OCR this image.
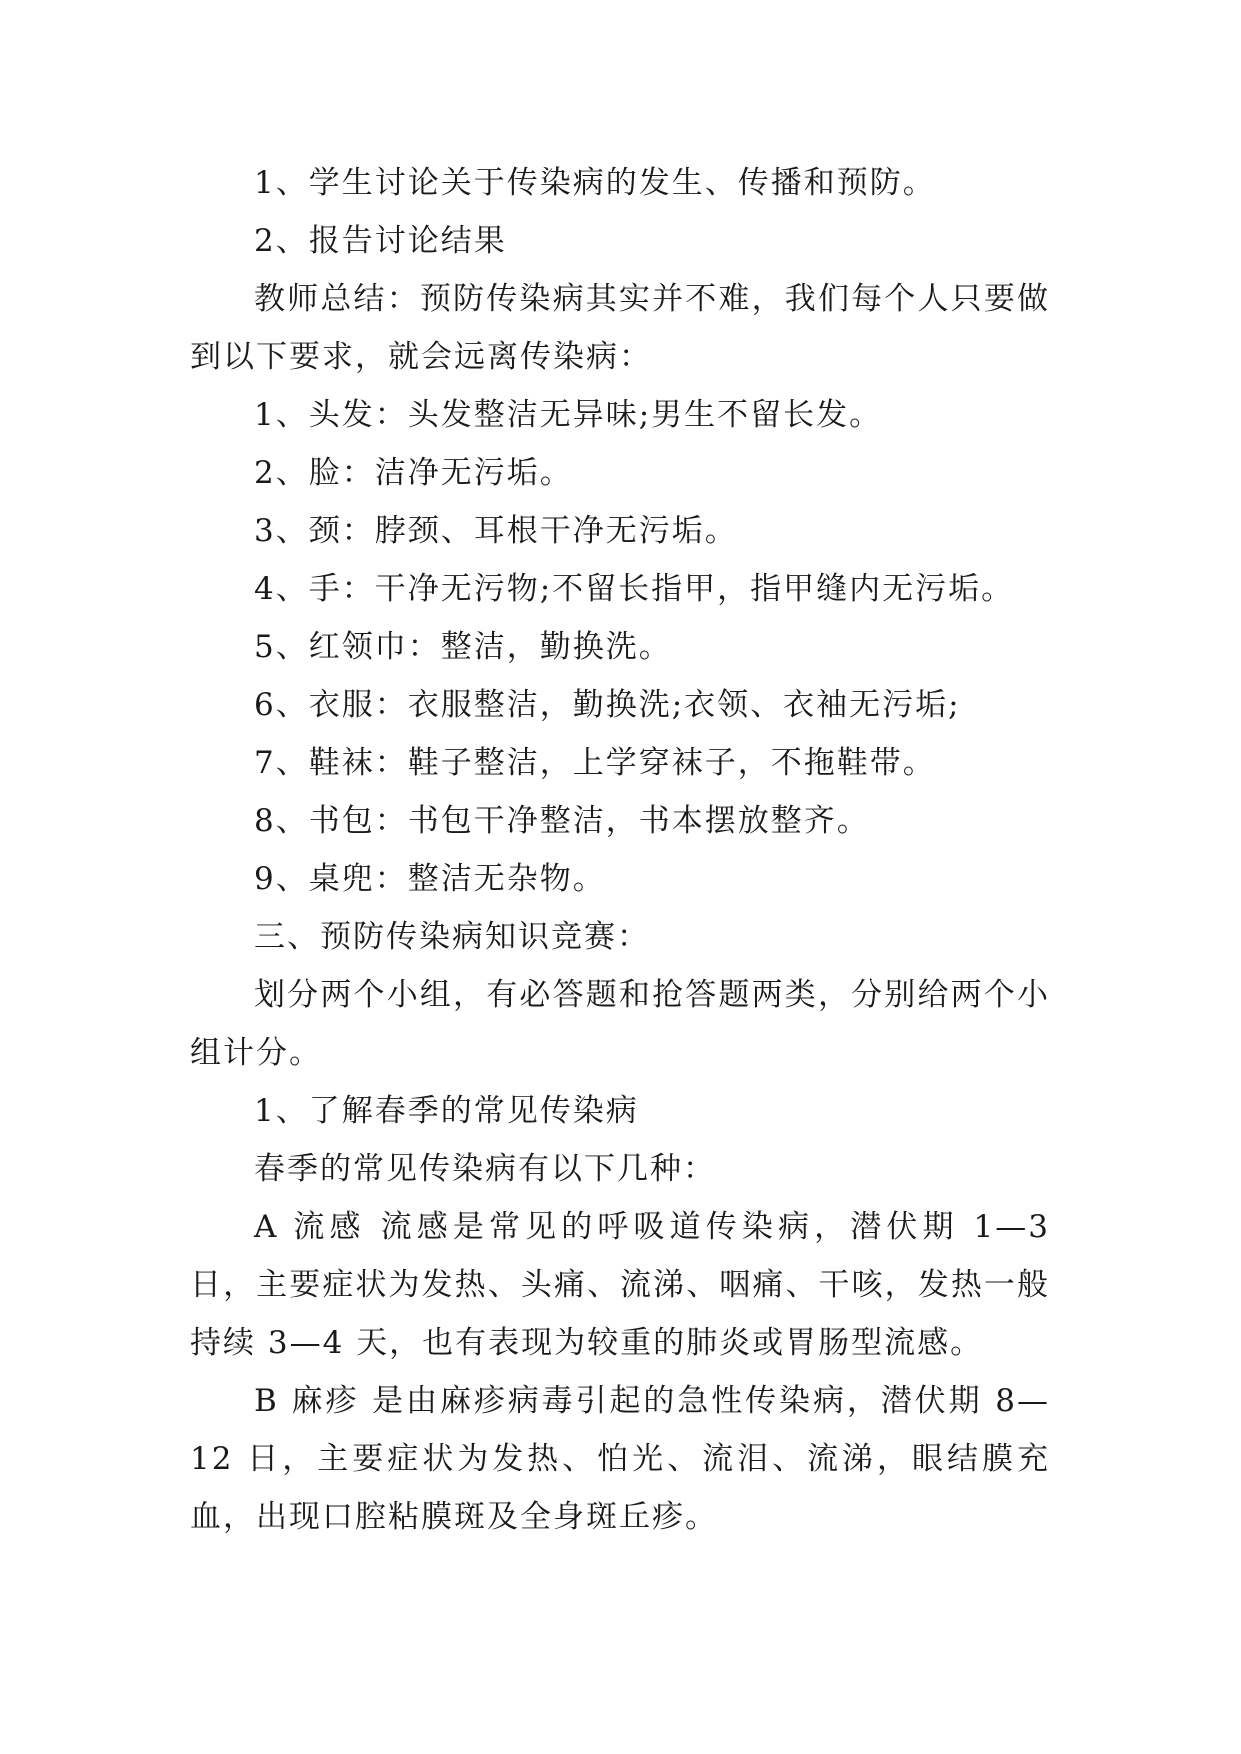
1、学生讨论关于传染病的发生、传播和预防。

2、报告讨论结果

教师总结：预防传染病其实并不难，我们每个人只要做到以下要求，就会远离传染病：

1、头发：头发整洁无异味;男生不留长发。

2、脸：洁净无污垢。

3、颈：脖颈、耳根干净无污垢。

4、手：干净无污物;不留长指甲，指甲缝内无污垢。

5、红领巾：整洁，勤换洗。

6、衣服：衣服整洁，勤换洗;衣领、衣袖无污垢;

7、鞋袜：鞋子整洁，上学穿袜子，不拖鞋带。

8、书包：书包干净整洁，书本摆放整齐。

9、桌兜：整洁无杂物。

三、预防传染病知识竞赛：

划分两个小组，有必答题和抢答题两类，分别给两个小组计分。

1、了解春季的常见传染病

春季的常见传染病有以下几种：

A 流感 流感是常见的呼吸道传染病，潜伏期 1—3 日，主要症状为发热、头痛、流涕、咽痛、干咳，发热一般持续 3—4 天，也有表现为较重的肺炎或胃肠型流感。

B 麻疹 是由麻疹病毒引起的急性传染病，潜伏期 8—12 日，主要症状为发热、怕光、流泪、流涕，眼结膜充血，出现口腔粘膜斑及全身斑丘疹。
